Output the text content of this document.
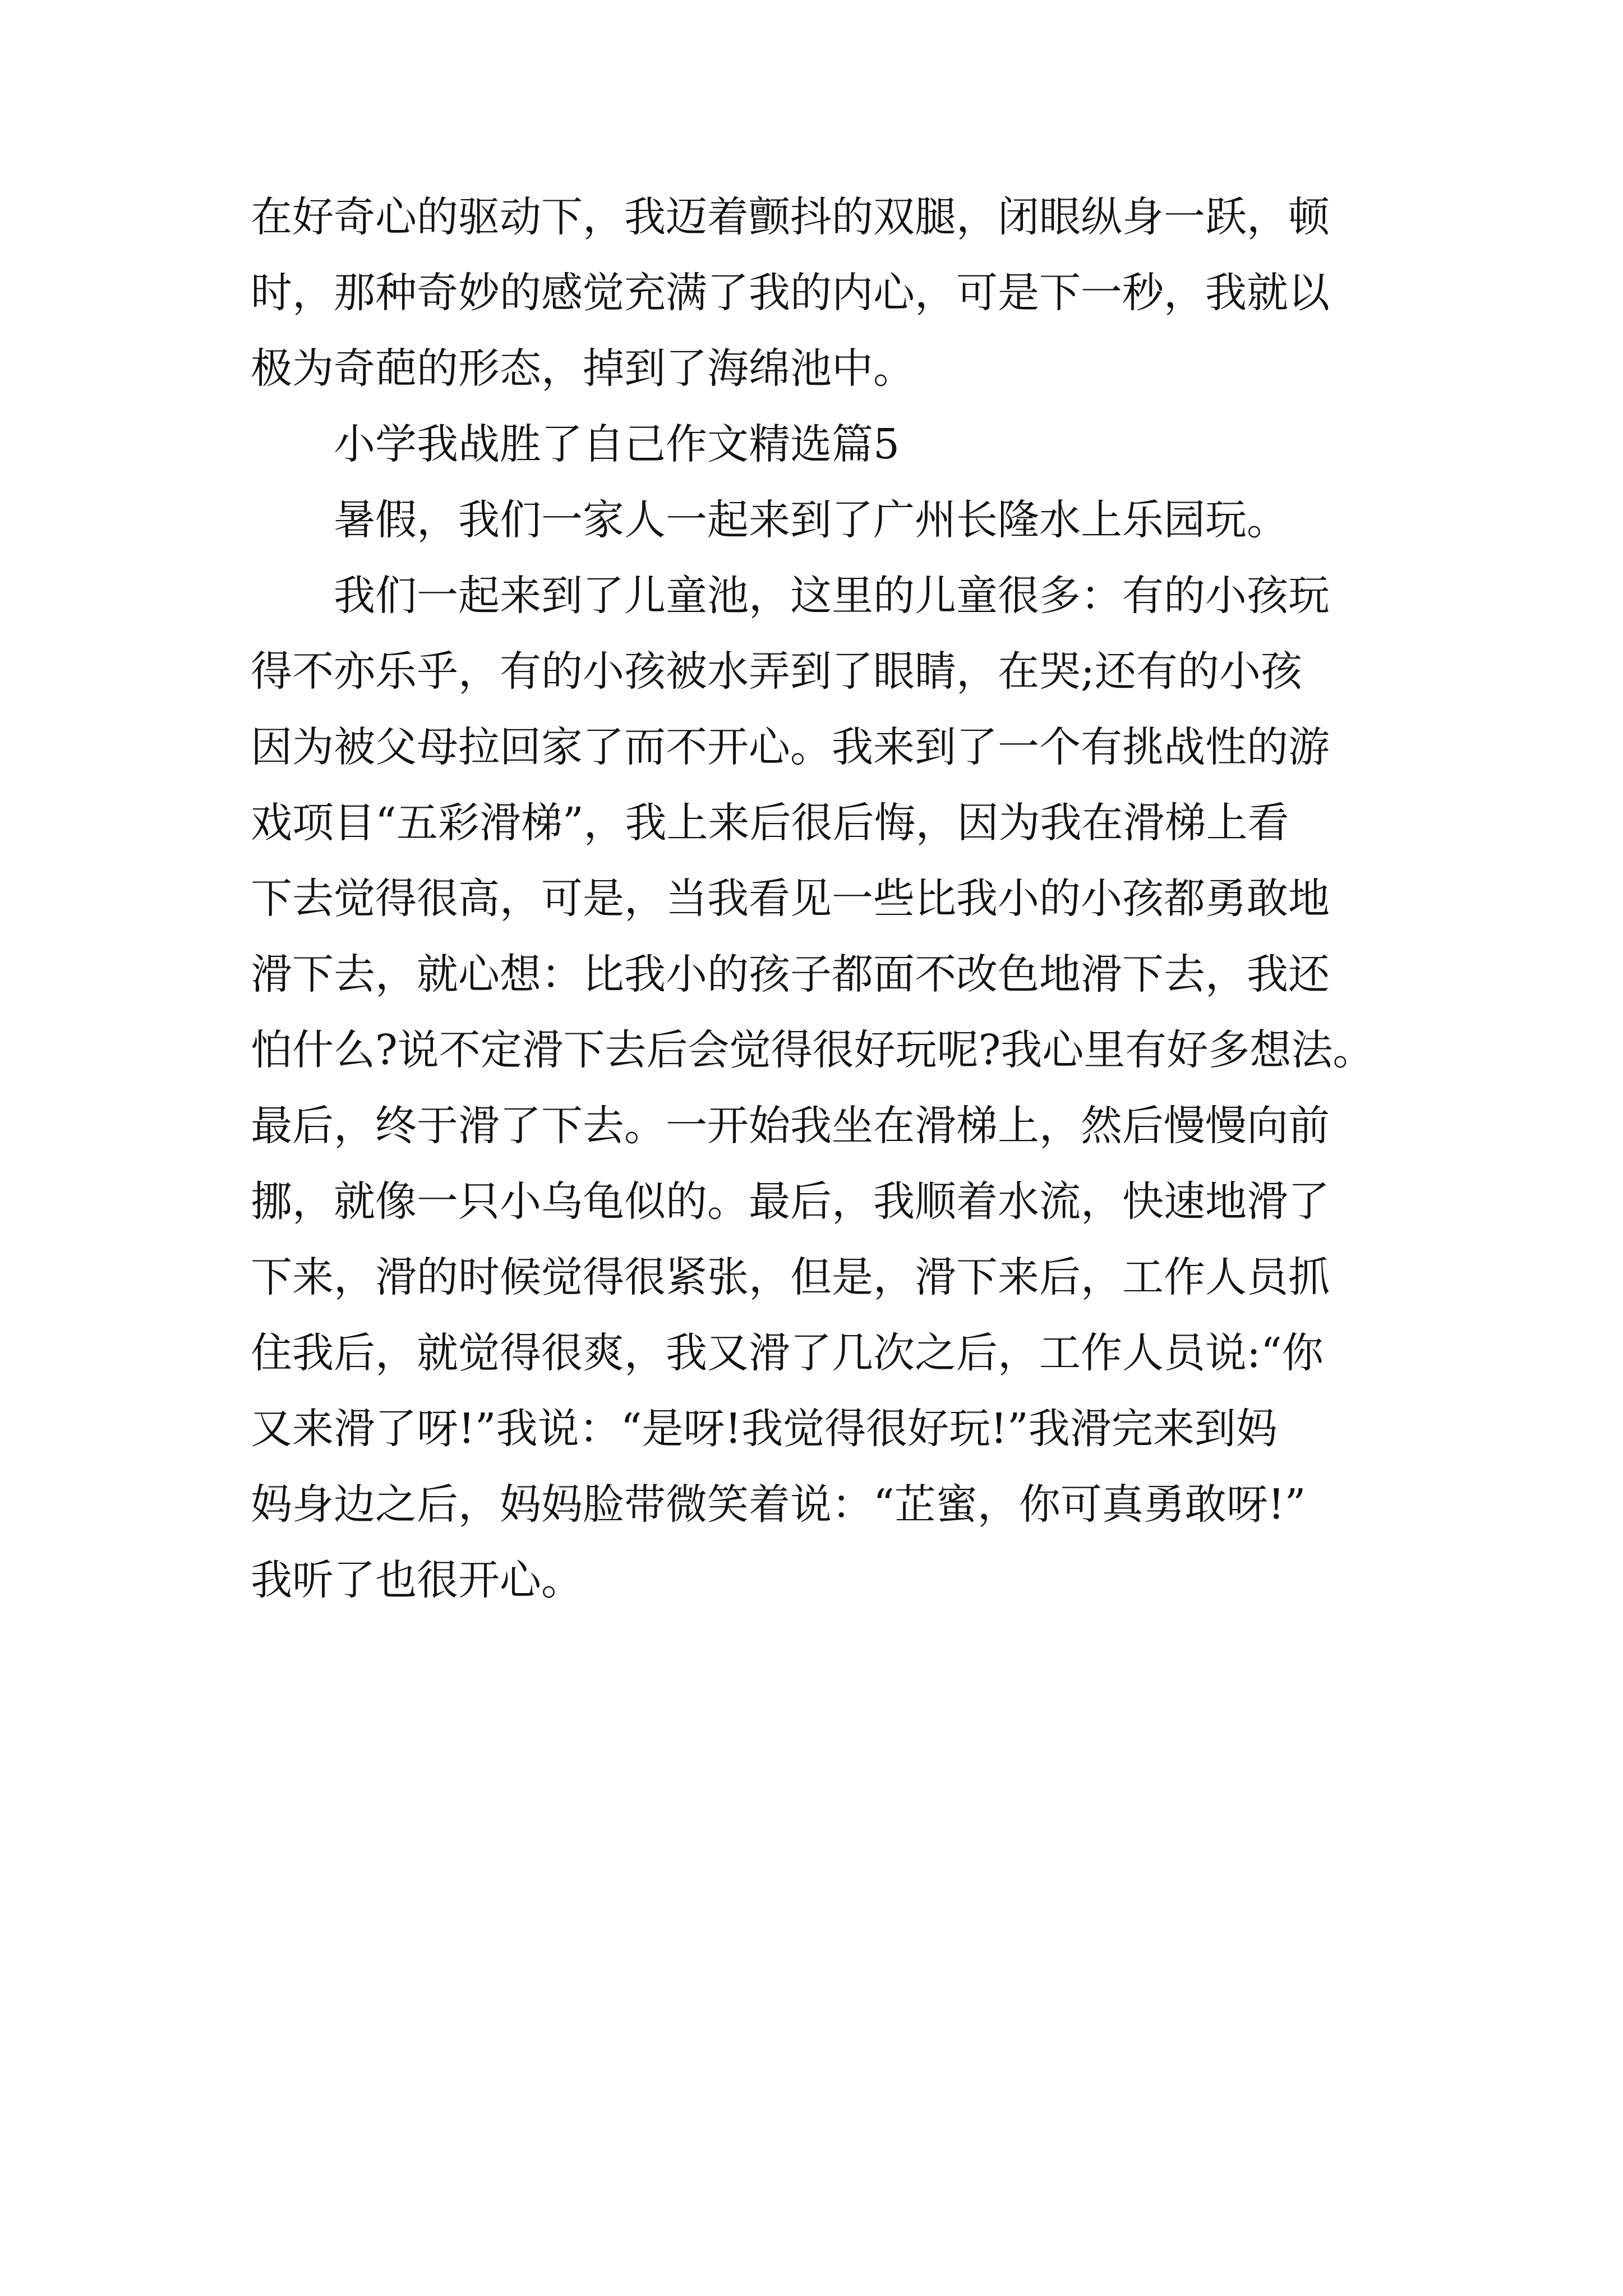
在好奇心的驱动下，我迈着颤抖的双腿，闭眼纵身一跃，顿
时，那种奇妙的感觉充满了我的内心，可是下一秒，我就以
极为奇葩的形态，掉到了海绵池中。
小学我战胜了自己作文精选篇5
暑假，我们一家人一起来到了广州长隆水上乐园玩。
我们一起来到了儿童池，这里的儿童很多：有的小孩玩
得不亦乐乎，有的小孩被水弄到了眼睛，在哭;还有的小孩
因为被父母拉回家了而不开心。我来到了一个有挑战性的游
戏项目“五彩滑梯”，我上来后很后悔，因为我在滑梯上看
下去觉得很高，可是，当我看见一些比我小的小孩都勇敢地
滑下去，就心想：比我小的孩子都面不改色地滑下去，我还
怕什么?说不定滑下去后会觉得很好玩呢?我心里有好多想法。
最后，终于滑了下去。一开始我坐在滑梯上，然后慢慢向前
挪，就像一只小乌龟似的。最后，我顺着水流，快速地滑了
下来，滑的时候觉得很紧张，但是，滑下来后，工作人员抓
住我后，就觉得很爽，我又滑了几次之后，工作人员说:“你
又来滑了呀!”我说：“是呀!我觉得很好玩!”我滑完来到妈
妈身边之后，妈妈脸带微笑着说：“芷蜜，你可真勇敢呀!”
我听了也很开心。
